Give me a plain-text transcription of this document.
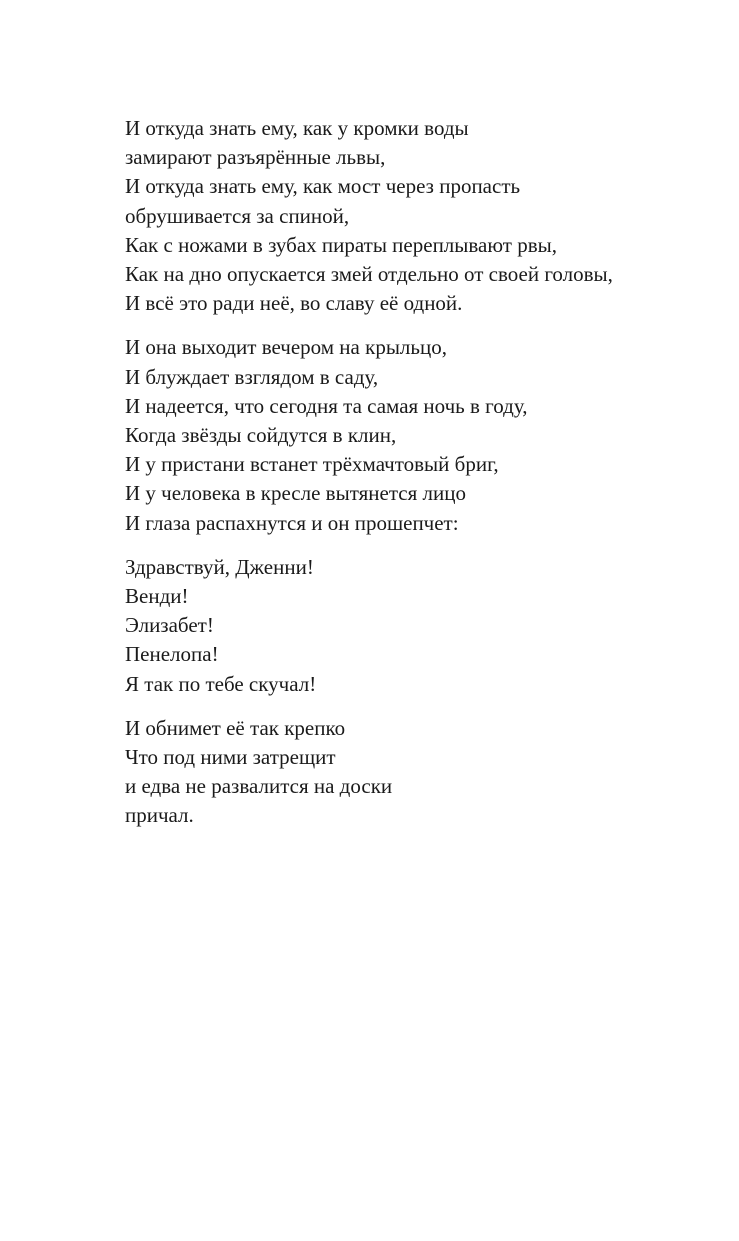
И откуда знать ему, как у кромки воды
замирают разъярённые львы,
И откуда знать ему, как мост через пропасть
обрушивается за спиной,
Как с ножами в зубах пираты переплывают рвы,
Как на дно опускается змей отдельно от своей головы,
И всё это ради неё, во славу её одной.
И она выходит вечером на крыльцо,
И блуждает взглядом в саду,
И надеется, что сегодня та самая ночь в году,
Когда звёзды сойдутся в клин,
И у пристани встанет трёхмачтовый бриг,
И у человека в кресле вытянется лицо
И глаза распахнутся и он прошепчет:
Здравствуй, Дженни!
Венди!
Элизабет!
Пенелопа!
Я так по тебе скучал!
И обнимет её так крепко
Что под ними затрещит
и едва не развалится на доски
причал.
